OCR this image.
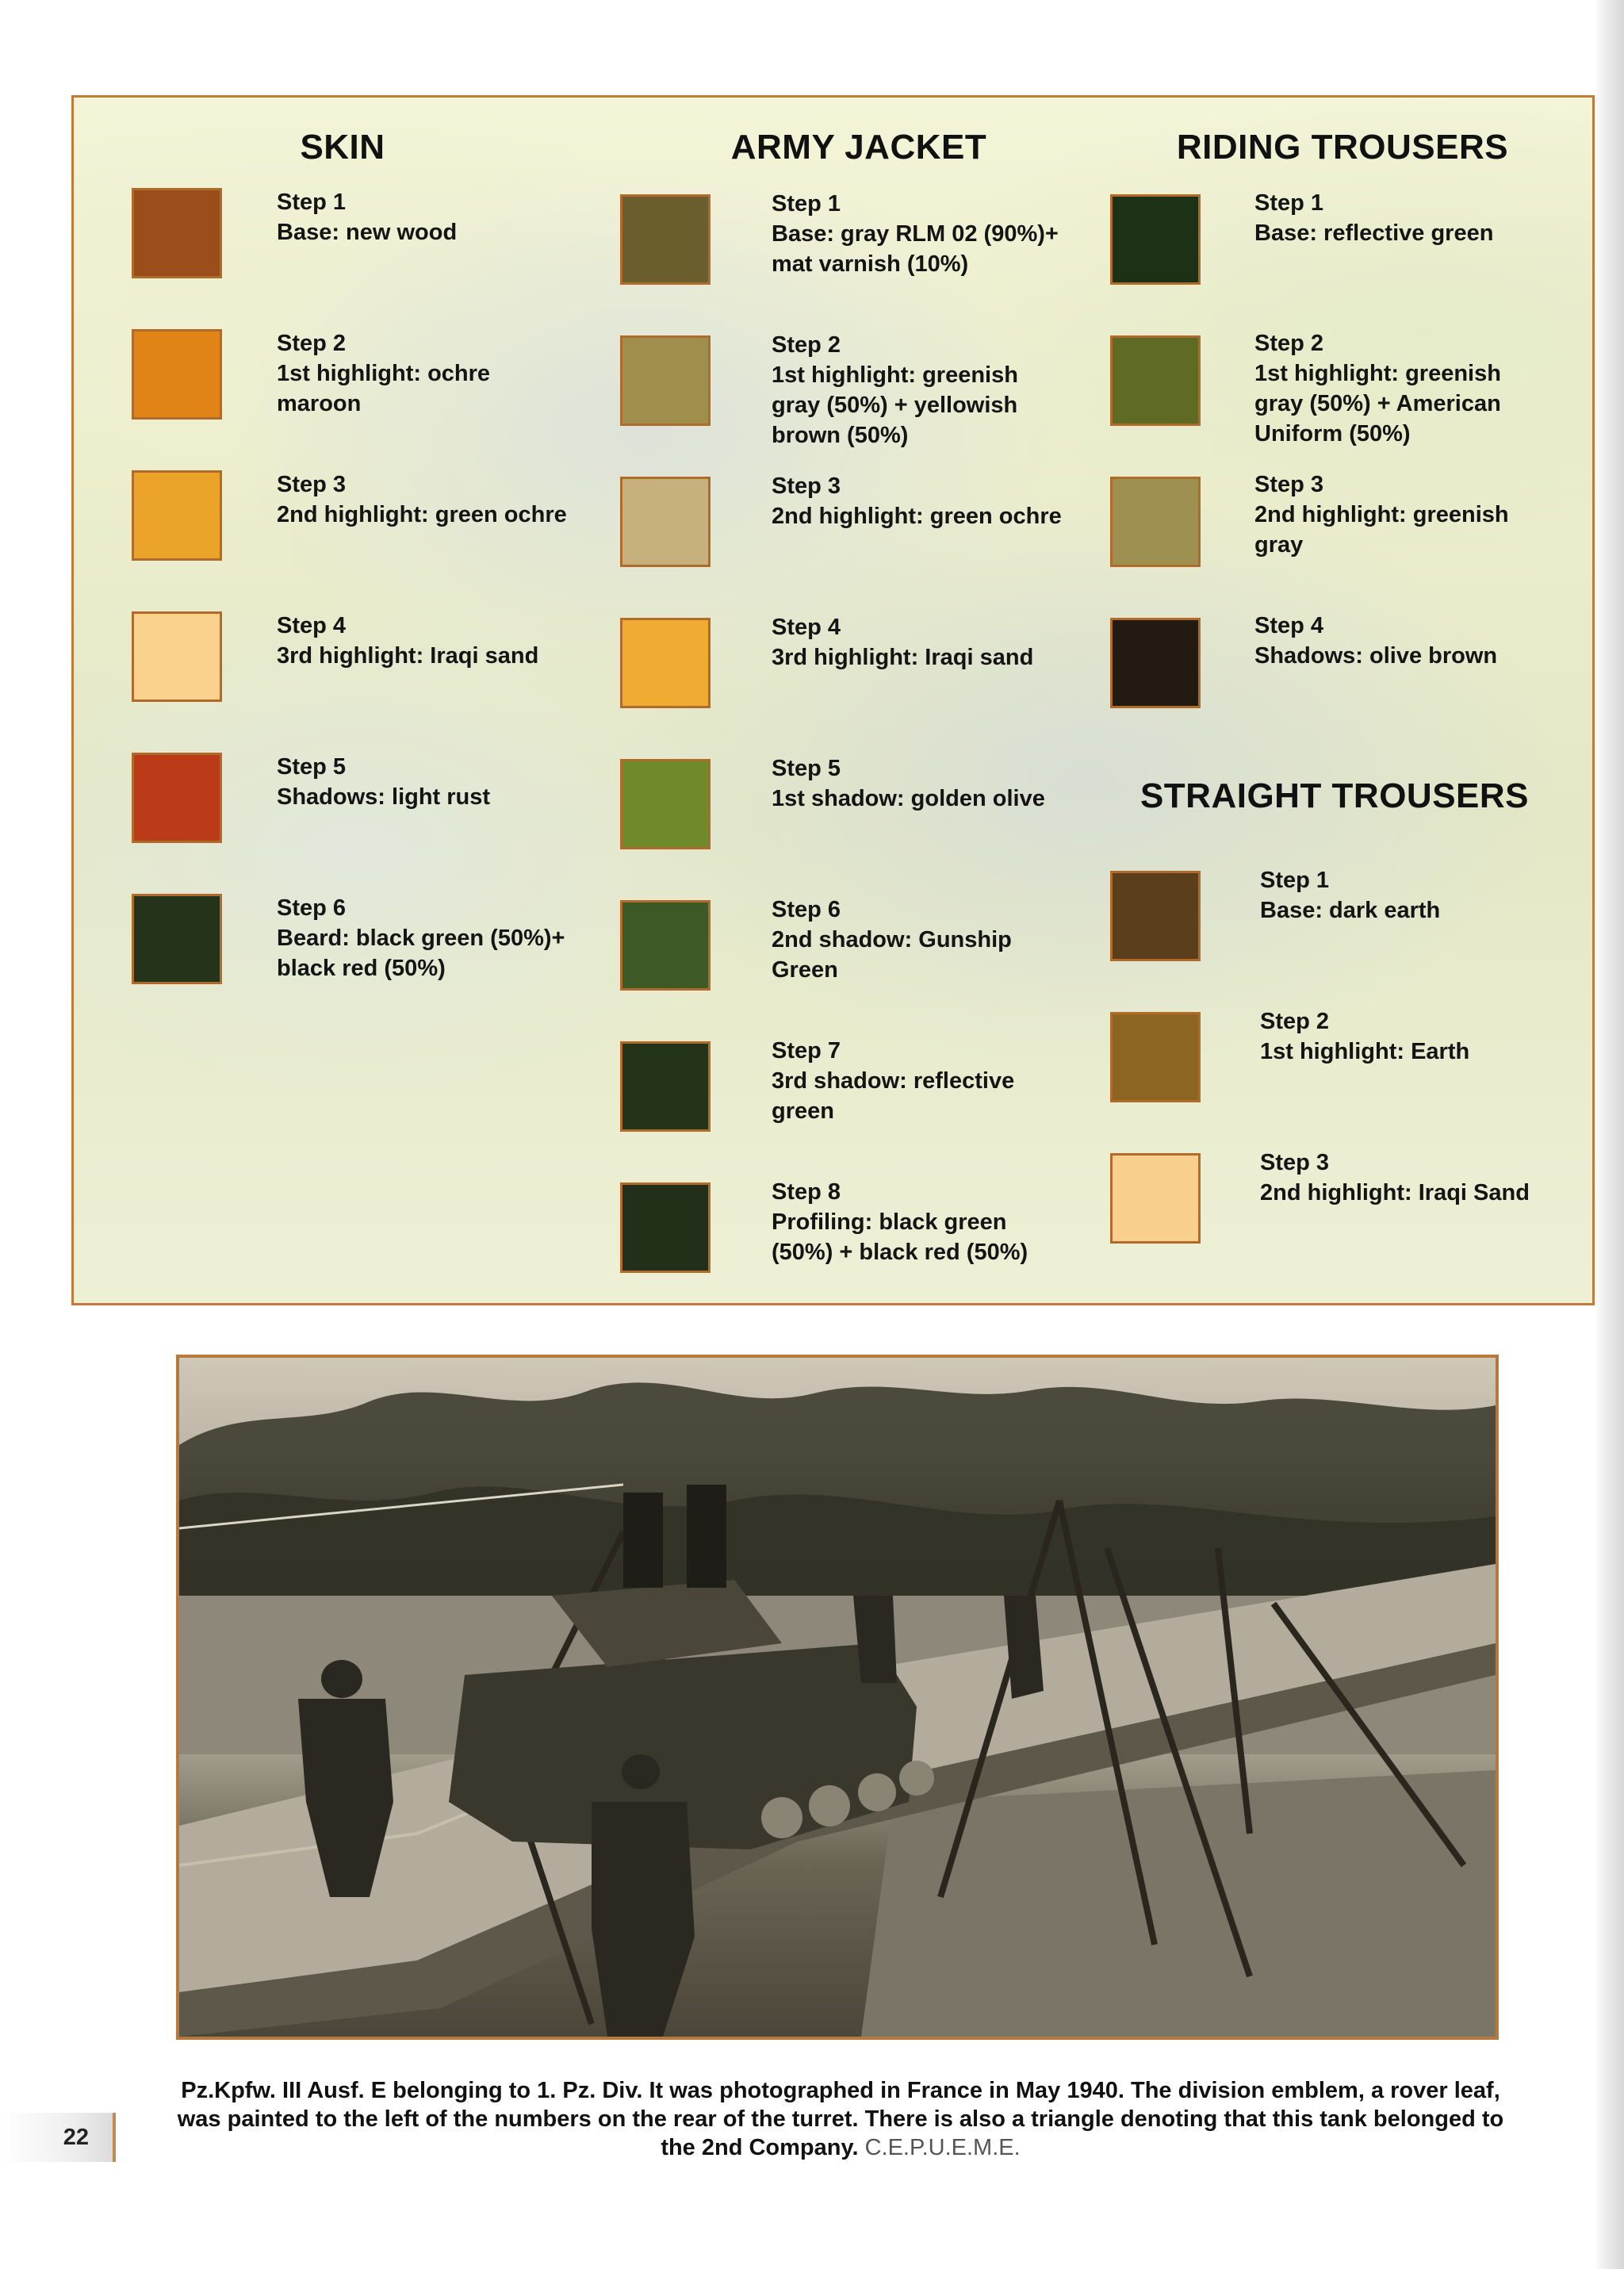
SKIN	ARMY JACKET	RIDING TROUSERS
STRAIGHT TROUSERS
Step 1
Base: new wood
Step 2
1st highlight: ochre
maroon
Step 3
2nd highlight: green ochre
Step 4
3rd highlight: Iraqi sand
Step 5
Shadows: light rust
Step 6
Beard: black green (50%)+
black red (50%)
Step 1
Base: gray RLM 02 (90%)+
mat varnish (10%)
Step 2
1st highlight: greenish
gray (50%) + yellowish
brown (50%)
Step 3
2nd highlight: green ochre
Step 4
3rd highlight: Iraqi sand
Step 5
1st shadow: golden olive
Step 6
2nd shadow: Gunship
Green
Step 7
3rd shadow: reflective
green
Step 8
Profiling: black green
(50%) + black red (50%)
Step 1
Base: reflective green
Step 2
1st highlight: greenish
gray (50%) + American
Uniform (50%)
Step 3
2nd highlight: greenish
gray
Step 4
Shadows: olive brown
Step 1
Base: dark earth
Step 2
1st highlight: Earth
Step 3
2nd highlight: Iraqi Sand
Pz.Kpfw. III Ausf. E belonging to 1. Pz. Div. It was photographed in France in May 1940. The division emblem, a rover leaf, was painted to the left of the numbers on the rear of the turret. There is also a triangle denoting that this tank belonged to the 2nd Company. C.E.P.U.E.M.E.
22
